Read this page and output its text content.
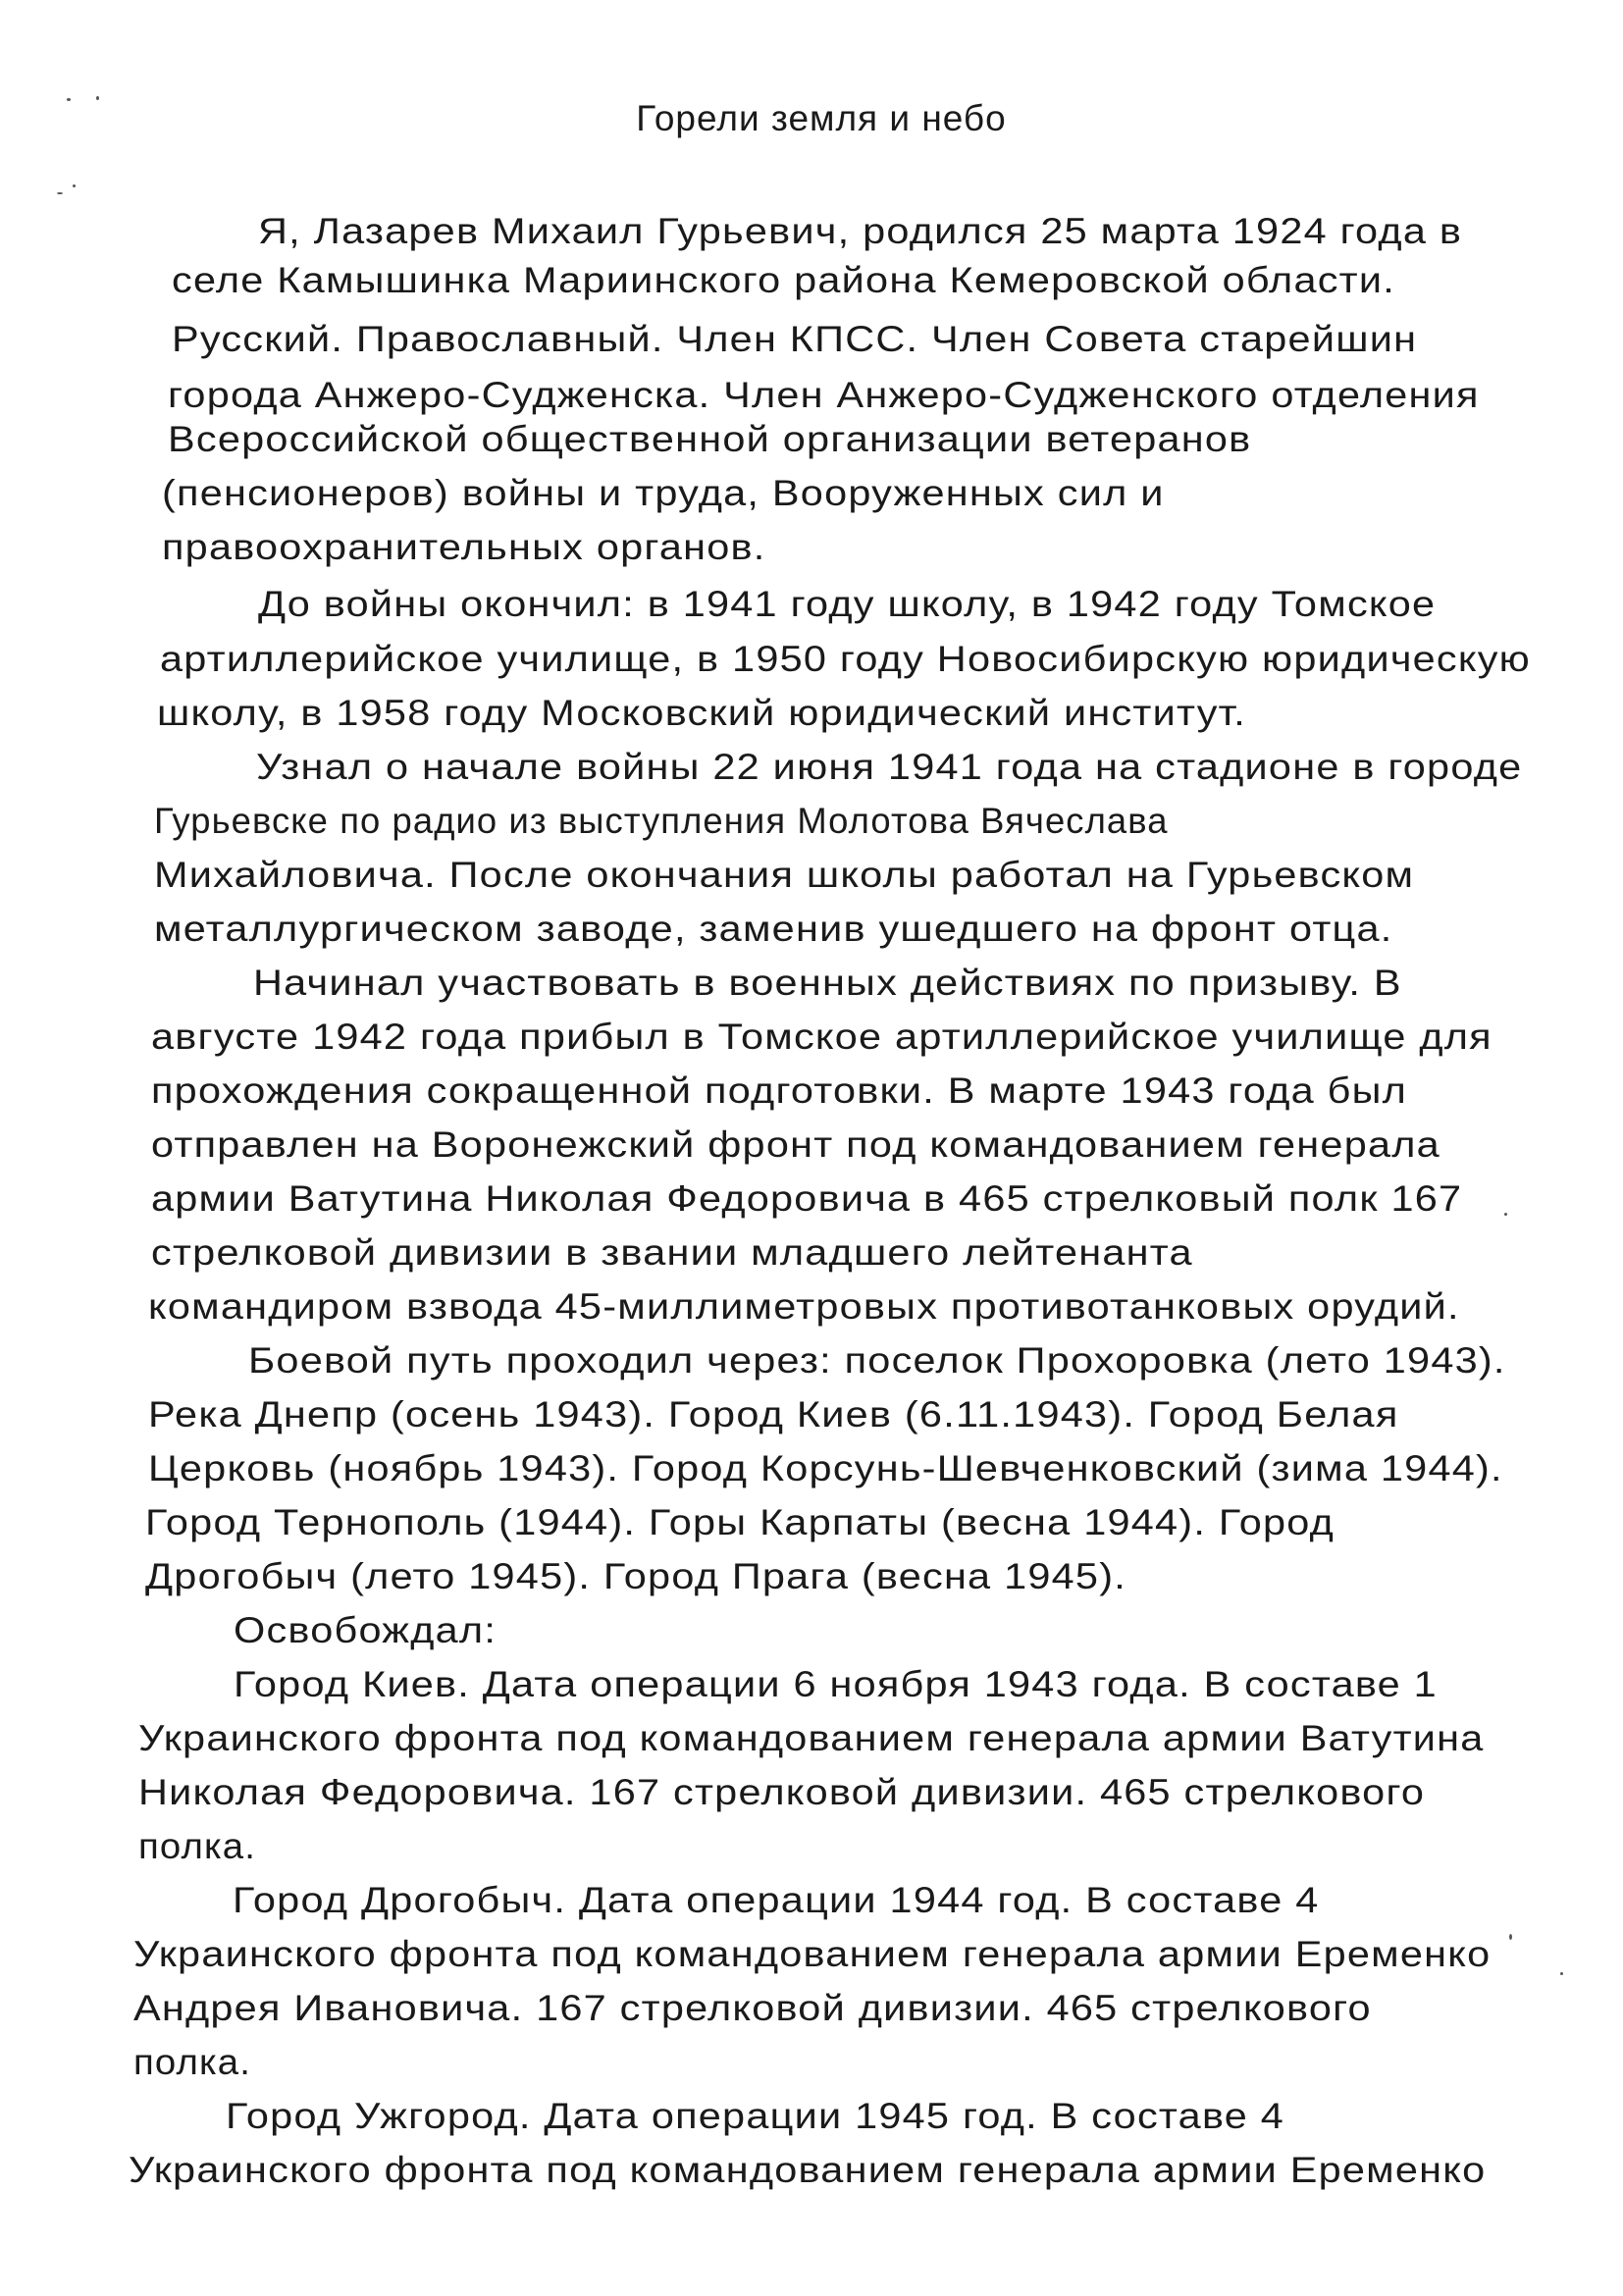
Горели земля и небо
Я, Лазарев Михаил Гурьевич, родился 25 марта 1924 года в
селе Камышинка Мариинского района Кемеровской области.
Русский. Православный. Член КПСС. Член Совета старейшин
города Анжеро-Судженска. Член Анжеро-Судженского отделения
Всероссийской общественной организации ветеранов
(пенсионеров) войны и труда, Вооруженных сил и
правоохранительных органов.
До войны окончил: в 1941 году школу, в 1942 году Томское
артиллерийское училище, в 1950 году Новосибирскую юридическую
школу, в 1958 году Московский юридический институт.
Узнал о начале войны 22 июня 1941 года на стадионе в городе
Гурьевске по радио из выступления Молотова Вячеслава
Михайловича. После окончания школы работал на Гурьевском
металлургическом заводе, заменив ушедшего на фронт отца.
Начинал участвовать в военных действиях по призыву. В
августе 1942 года прибыл в Томское артиллерийское училище для
прохождения сокращенной подготовки. В марте 1943 года был
отправлен на Воронежский фронт под командованием генерала
армии Ватутина Николая Федоровича в 465 стрелковый полк 167
стрелковой дивизии в звании младшего лейтенанта
командиром взвода 45-миллиметровых противотанковых орудий.
Боевой путь проходил через: поселок Прохоровка (лето 1943).
Река Днепр (осень 1943). Город Киев (6.11.1943). Город Белая
Церковь (ноябрь 1943). Город Корсунь-Шевченковский (зима 1944).
Город Тернополь (1944). Горы Карпаты (весна 1944). Город
Дрогобыч (лето 1945). Город Прага (весна 1945).
Освобождал:
Город Киев. Дата операции 6 ноября 1943 года. В составе 1
Украинского фронта под командованием генерала армии Ватутина
Николая Федоровича. 167 стрелковой дивизии. 465 стрелкового
полка.
Город Дрогобыч. Дата операции 1944 год. В составе 4
Украинского фронта под командованием генерала армии Еременко
Андрея Ивановича. 167 стрелковой дивизии. 465 стрелкового
полка.
Город Ужгород. Дата операции 1945 год. В составе 4
Украинского фронта под командованием генерала армии Еременко
